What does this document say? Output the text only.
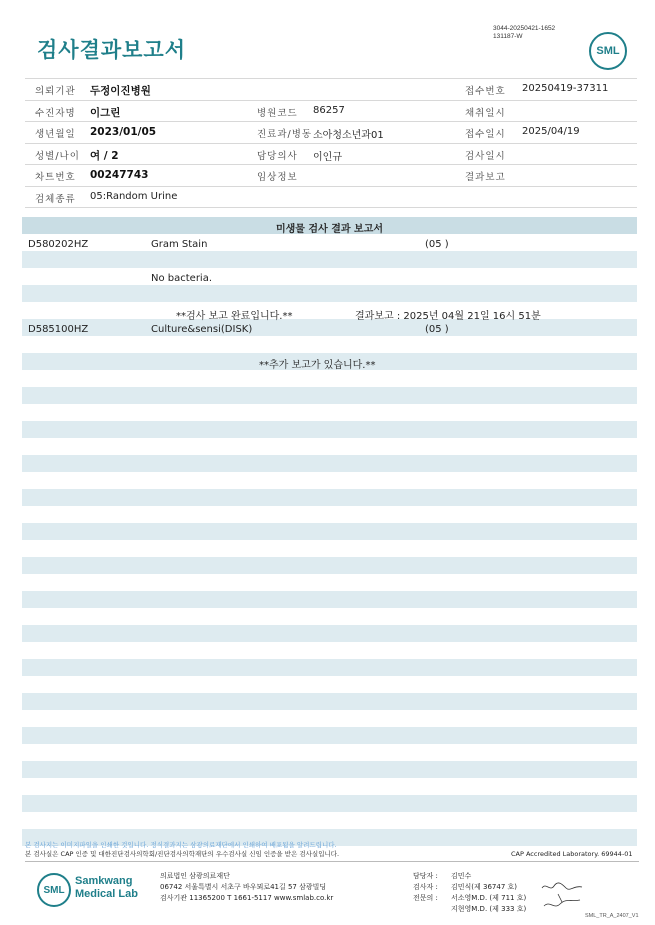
검사결과보고서
3044-20250421-1652
131187-W
SML
의뢰기관 두정이진병원	접수번호 20250419-37311
수진자명 이그린	병원코드 86257	채취일시
생년월일 2023/01/05	진료과/병동 소아청소년과01	접수일시 2025/04/19
성별/나이 여 / 2	담당의사 이인규	검사일시
차트번호 00247743	임상정보	결과보고
검체종류 05:Random Urine
미생물 검사 결과 보고서
D580202HZ	Gram Stain	(05 )
No bacteria.
**검사 보고 완료입니다.**	결과보고 : 2025년 04월 21일 16시 51분
D585100HZ	Culture&sensi(DISK)	(05 )
**추가 보고가 있습니다.**
본 검사지는 이미지파일을 인쇄한 것입니다. 정식결과지는 삼광의료재단에서 인쇄하여 배포됨을 알려드립니다.
본 검사실은 CAP 인증 및 대한진단검사의학회/진단검사의학재단의 우수검사실 신임 인증을 받은 검사실입니다.	CAP Accredited Laboratory. 69944-01
SML
Samkwang
Medical Lab
의료법인 삼광의료재단
06742 서울특별시 서초구 바우뫼로41길 57 삼광빌딩
검사기관 11365200 T 1661-5117 www.smlab.co.kr
담당자 : 김민수
검사자 : 김민식(제 36747 호)
전문의 : 서소영M.D. (제 711 호)
지현영M.D. (제 333 호)
SML_TR_A_2407_V1
